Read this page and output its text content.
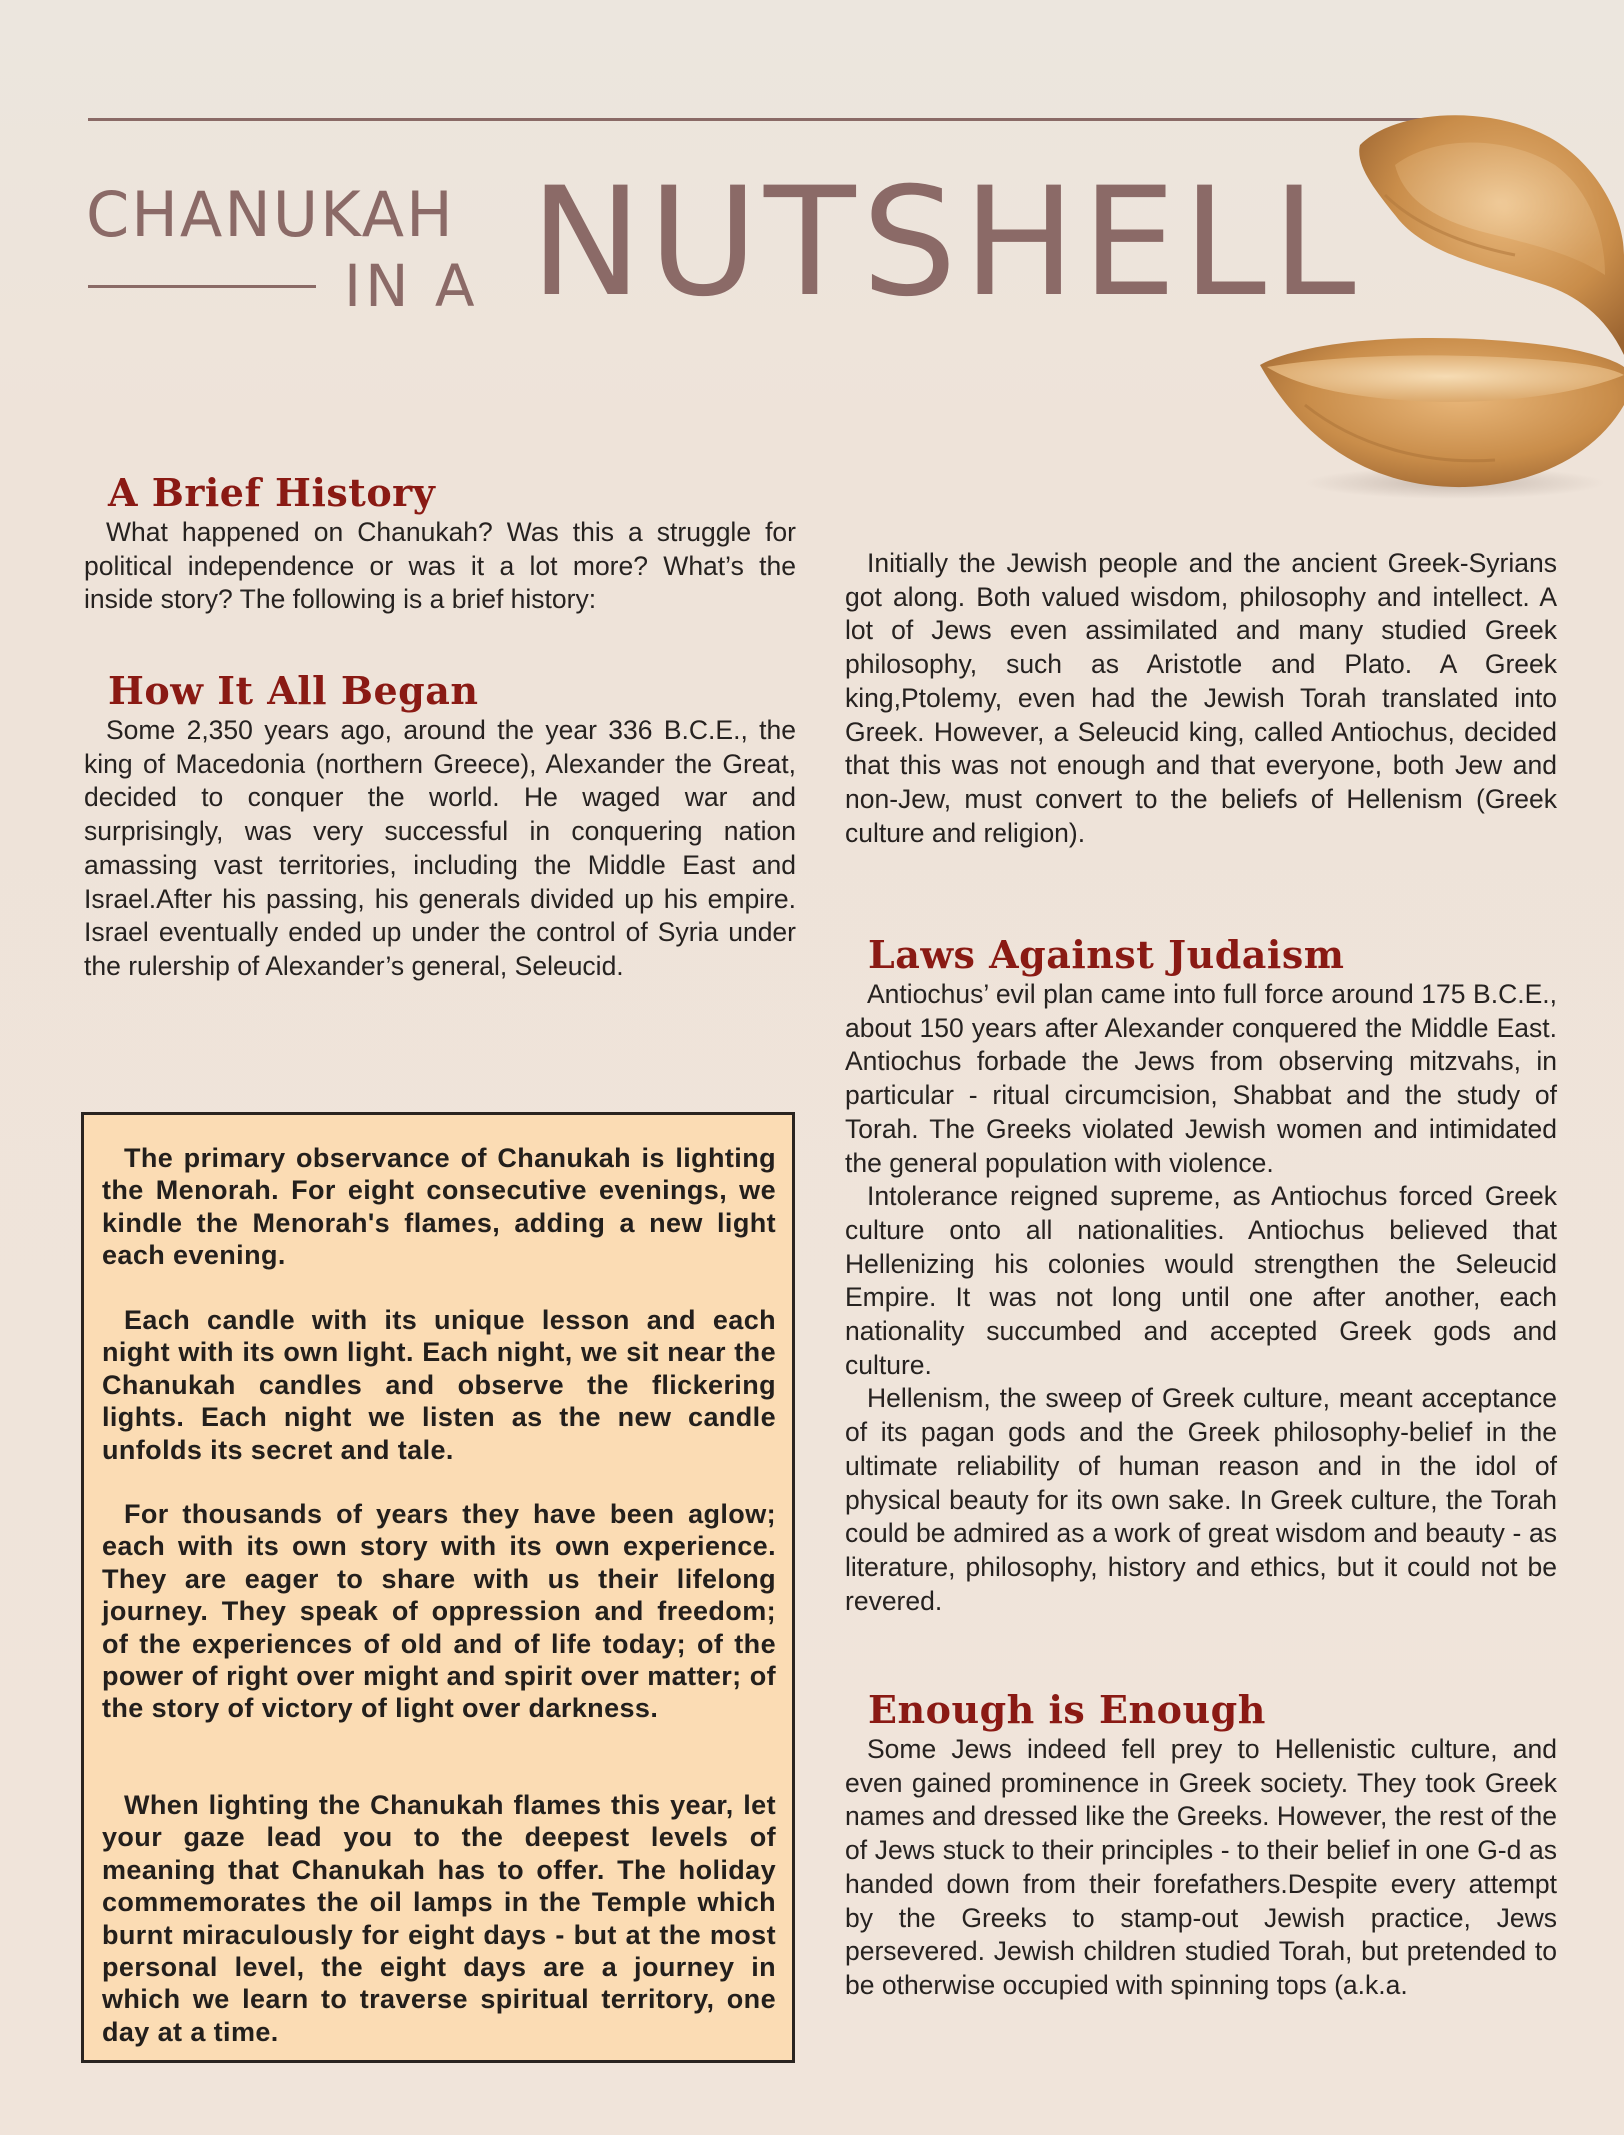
CHANUKAH
IN A NUTSHELL
A Brief History

What happened on Chanukah? Was this a struggle for political independence or was it a lot more? What’s the inside story? The following is a brief history:

How It All Began

Some 2,350 years ago, around the year 336 B.C.E., the king of Macedonia (northern Greece), Alexander the Great, decided to conquer the world. He waged war and surprisingly, was very successful in conquering nation amassing vast territories, including the Middle East and Israel.After his passing, his generals divided up his empire. Israel eventually ended up under the control of Syria under the rulership of Alexander’s general, Seleucid.

The primary observance of Chanukah is lighting the Menorah. For eight consecutive evenings, we kindle the Menorah's flames, adding a new light each evening.

Each candle with its unique lesson and each night with its own light. Each night, we sit near the Chanukah candles and observe the flickering lights. Each night we listen as the new candle unfolds its secret and tale.

For thousands of years they have been aglow; each with its own story with its own experience. They are eager to share with us their lifelong journey. They speak of oppression and freedom; of the experiences of old and of life today; of the power of right over might and spirit over matter; of the story of victory of light over darkness.

When lighting the Chanukah flames this year, let your gaze lead you to the deepest levels of meaning that Chanukah has to offer. The holiday commemorates the oil lamps in the Temple which burnt miraculously for eight days - but at the most personal level, the eight days are a journey in which we learn to traverse spiritual territory, one day at a time.

Initially the Jewish people and the ancient Greek-Syrians got along. Both valued wisdom, philosophy and intellect. A lot of Jews even assimilated and many studied Greek philosophy, such as Aristotle and Plato. A Greek king,Ptolemy, even had the Jewish Torah translated into Greek. However, a Seleucid king, called Antiochus, decided that this was not enough and that everyone, both Jew and non-Jew, must convert to the beliefs of Hellenism (Greek culture and religion).

Laws Against Judaism

Antiochus’ evil plan came into full force around 175 B.C.E., about 150 years after Alexander conquered the Middle East. Antiochus forbade the Jews from observing mitzvahs, in particular - ritual circumcision, Shabbat and the study of Torah. The Greeks violated Jewish women and intimidated the general population with violence.

Intolerance reigned supreme, as Antiochus forced Greek culture onto all nationalities. Antiochus believed that Hellenizing his colonies would strengthen the Seleucid Empire. It was not long until one after another, each nationality succumbed and accepted Greek gods and culture.

Hellenism, the sweep of Greek culture, meant acceptance of its pagan gods and the Greek philosophy-belief in the ultimate reliability of human reason and in the idol of physical beauty for its own sake. In Greek culture, the Torah could be admired as a work of great wisdom and beauty - as literature, philosophy, history and ethics, but it could not be revered.

Enough is Enough

Some Jews indeed fell prey to Hellenistic culture, and even gained prominence in Greek society. They took Greek names and dressed like the Greeks. However, the rest of the of Jews stuck to their principles - to their belief in one G-d as handed down from their forefathers.Despite every attempt by the Greeks to stamp-out Jewish practice, Jews persevered. Jewish children studied Torah, but pretended to be otherwise occupied with spinning tops (a.k.a.
